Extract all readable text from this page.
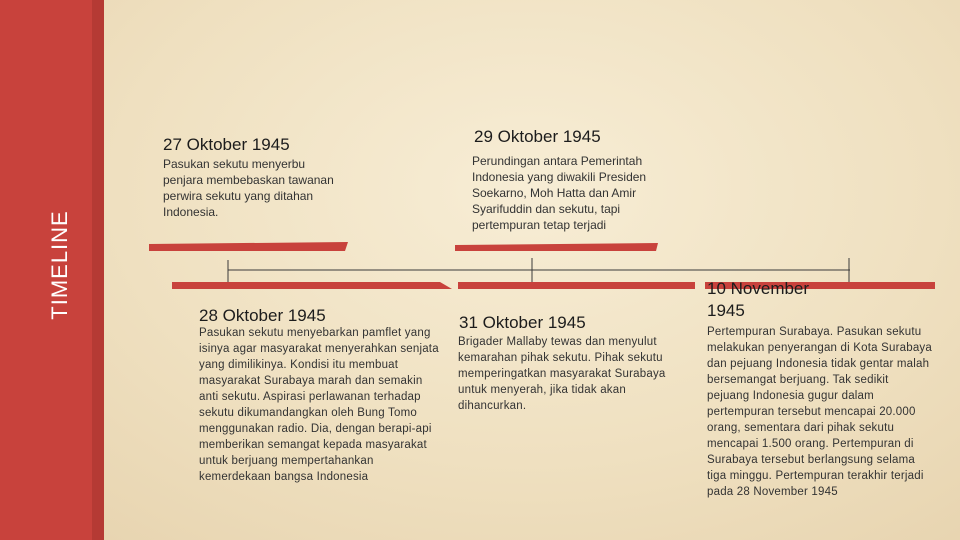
TIMELINE
27 Oktober 1945
Pasukan sekutu menyerbu penjara membebaskan tawanan perwira sekutu yang ditahan Indonesia.
29 Oktober 1945
Perundingan antara Pemerintah Indonesia yang diwakili Presiden Soekarno, Moh Hatta dan Amir Syarifuddin dan sekutu, tapi pertempuran tetap terjadi
28 Oktober 1945
Pasukan sekutu menyebarkan pamflet yang isinya agar masyarakat menyerahkan senjata yang dimilikinya. Kondisi itu membuat masyarakat Surabaya marah dan semakin anti sekutu. Aspirasi perlawanan terhadap sekutu dikumandangkan oleh Bung Tomo menggunakan radio. Dia, dengan berapi-api memberikan semangat kepada masyarakat untuk berjuang mempertahankan kemerdekaan bangsa Indonesia
31 Oktober 1945
Brigader Mallaby tewas dan menyulut kemarahan pihak sekutu. Pihak sekutu memperingatkan masyarakat Surabaya untuk menyerah, jika tidak akan dihancurkan.
10 November 1945
Pertempuran Surabaya. Pasukan sekutu melakukan penyerangan di Kota Surabaya dan pejuang Indonesia tidak gentar malah bersemangat berjuang. Tak sedikit pejuang Indonesia gugur dalam pertempuran tersebut mencapai 20.000 orang, sementara dari pihak sekutu mencapai 1.500 orang. Pertempuran di Surabaya tersebut berlangsung selama tiga minggu. Pertempuran terakhir terjadi pada 28 November 1945
